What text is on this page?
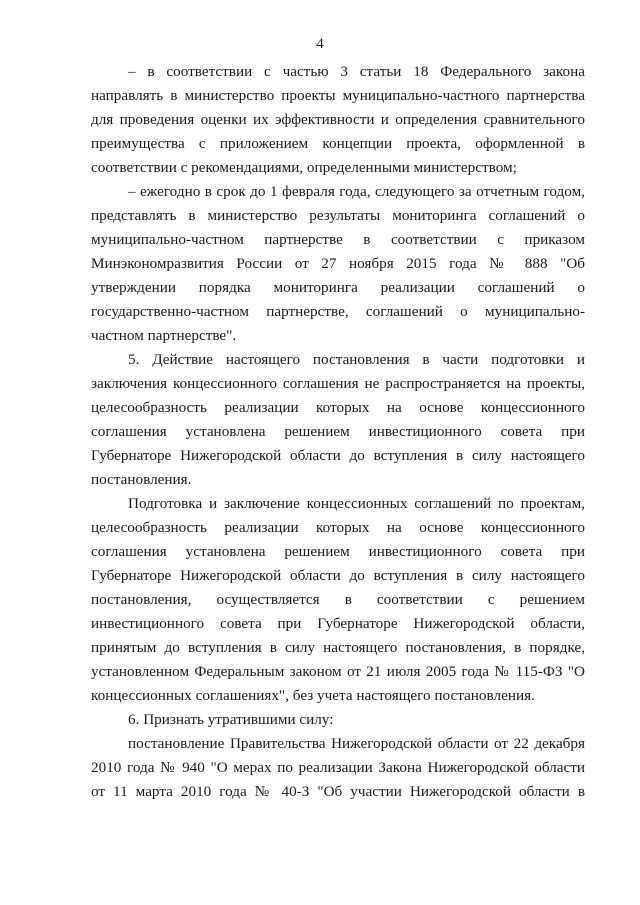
4
– в соответствии с частью 3 статьи 18 Федерального закона
направлять в министерство проекты муниципально-частного партнерства
для проведения оценки их эффективности и определения сравнительного
преимущества с приложением концепции проекта, оформленной в
соответствии с рекомендациями, определенными министерством;
– ежегодно в срок до 1 февраля года, следующего за отчетным годом,
представлять в министерство результаты мониторинга соглашений о
муниципально-частном партнерстве в соответствии с приказом
Минэкономразвития России от 27 ноября 2015 года № 888 "Об
утверждении порядка мониторинга реализации соглашений о
государственно-частном партнерстве, соглашений о муниципально-
частном партнерстве".
5. Действие настоящего постановления в части подготовки и
заключения концессионного соглашения не распространяется на проекты,
целесообразность реализации которых на основе концессионного
соглашения установлена решением инвестиционного совета при
Губернаторе Нижегородской области до вступления в силу настоящего
постановления.
Подготовка и заключение концессионных соглашений по проектам,
целесообразность реализации которых на основе концессионного
соглашения установлена решением инвестиционного совета при
Губернаторе Нижегородской области до вступления в силу настоящего
постановления, осуществляется в соответствии с решением
инвестиционного совета при Губернаторе Нижегородской области,
принятым до вступления в силу настоящего постановления, в порядке,
установленном Федеральным законом от 21 июля 2005 года № 115-ФЗ "О
концессионных соглашениях", без учета настоящего постановления.
6. Признать утратившими силу:
постановление Правительства Нижегородской области от 22 декабря
2010 года № 940 "О мерах по реализации Закона Нижегородской области
от 11 марта 2010 года № 40-З "Об участии Нижегородской области в
